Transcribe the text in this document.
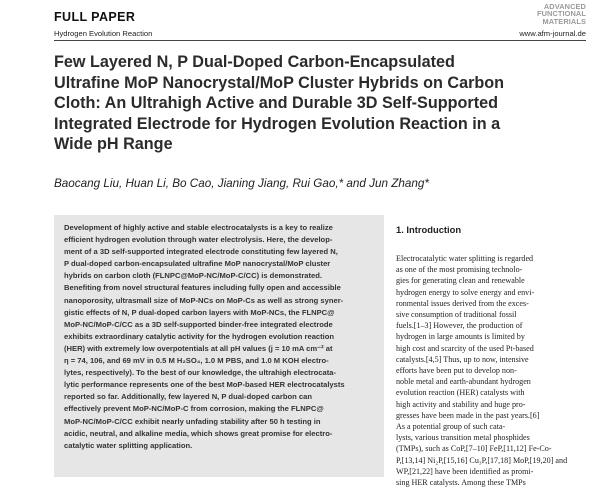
FULL PAPER
Hydrogen Evolution Reaction
ADVANCED
FUNCTIONAL
MATERIALS
www.afm-journal.de
Few Layered N, P Dual-Doped Carbon-Encapsulated
Ultrafine MoP Nanocrystal/MoP Cluster Hybrids on Carbon
Cloth: An Ultrahigh Active and Durable 3D Self-Supported
Integrated Electrode for Hydrogen Evolution Reaction in a
Wide pH Range
Baocang Liu, Huan Li, Bo Cao, Jianing Jiang, Rui Gao,* and Jun Zhang*
Development of highly active and stable electrocatalysts is a key to realize
efficient hydrogen evolution through water electrolysis. Here, the develop-
ment of a 3D self-supported integrated electrode constituting few layered N,
P dual-doped carbon-encapsulated ultrafine MoP nanocrystal/MoP cluster
hybrids on carbon cloth (FLNPC@MoP-NC/MoP-C/CC) is demonstrated.
Benefiting from novel structural features including fully open and accessible
nanoporosity, ultrasmall size of MoP-NCs on MoP-Cs as well as strong syner-
gistic effects of N, P dual-doped carbon layers with MoP-NCs, the FLNPC@
MoP-NC/MoP-C/CC as a 3D self-supported binder-free integrated electrode
exhibits extraordinary catalytic activity for the hydrogen evolution reaction
(HER) with extremely low overpotentials at all pH values (j = 10 mA cm⁻² at
η = 74, 106, and 69 mV in 0.5 M H₂SO₄, 1.0 M PBS, and 1.0 M KOH electro-
lytes, respectively). To the best of our knowledge, the ultrahigh electrocata-
lytic performance represents one of the best MoP-based HER electrocatalysts
reported so far. Additionally, few layered N, P dual-doped carbon can
effectively prevent MoP-NC/MoP-C from corrosion, making the FLNPC@
MoP-NC/MoP-C/CC exhibit nearly unfading stability after 50 h testing in
acidic, neutral, and alkaline media, which shows great promise for electro-
catalytic water splitting application.
1. Introduction
Electrocatalytic water splitting is regarded
as one of the most promising technolo-
gies for generating clean and renewable
hydrogen energy to solve energy and envi-
ronmental issues derived from the exces-
sive consumption of traditional fossil
fuels.[1–3] However, the production of
hydrogen in large amounts is limited by
high cost and scarcity of the used Pt-based
catalysts.[4,5] Thus, up to now, intensive
efforts have been put to develop non-
noble metal and earth-abundant hydrogen
evolution reaction (HER) catalysts with
high activity and stability and huge pro-
gresses have been made in the past years.[6]
As a potential group of such cata-
lysts, various transition metal phosphides
(TMPs), such as CoP,[7–10] FeP,[11,12] Fe-Co-
P,[13,14] Ni₂P,[15,16] Cu₃P,[17,18] MoP,[19,20] and
WP,[21,22] have been identified as promi-
sing HER catalysts. Among these TMPs
